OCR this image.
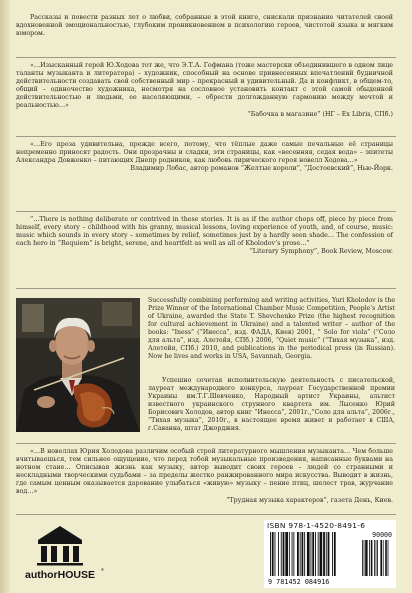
Рассказы и повести разных лет о любви, собранные в этой книге, снискали признание читателей своей вдохновенной эмоциональностью, глубоким проникновением в психологию героев, чистотой языка и мягким юмором.

«…Изысканный герой Ю.Ходова тот же, что Э.Т.А. Гофмана (тоже мастерски объединившего в одном лице таланты музыканта и литератора) – художник, способный на основе привнесенных впечатлений будничной действительности создавать свой собственный мир – прекрасный и удивительный. Да и конфликт, в общем-то, общий – одиночество художника, несмотря на сословное установить контакт с этой самой обыденной действительностью и людьми, ее населяющими, – обрести долгожданную гармонию между мечтой и реальностью…»

“Бабочка в магазине” (НГ – Ex Libris, СПб.)

«…Его проза удивительна, прежде всего, потому, что тёплые даже самые печальные её страницы непременно приносят радость. Они прозрачны и сладки, эти страницы, как «весенняя, седая вода» – эпитеты Александра Довженко – питающих Днепр родников, как любовь лирического героя новелл Ходова…»

Владимир Лобас, автор романов “Желтые короли”, “Достоевский”, Нью-Йорк.

“…There is nothing deliberate or contrived in these stories. It is as if the author chops off, piece by piece from himself, every story – childhood with his granny, musical lessons, loving experience of youth, and, of course, music: music which sounds in every story – sometimes by relief, sometimes just by a hardly seen shade… The confession of each hero in “Requiem” is bright, serene, and heartfelt as well as all of Kholodov’s prose…”

“Literary Symphony”, Book Review, Moscow.

Successfully combining performing and writing activities, Yuri Kholodov is the Prize Winner of the International Chamber Music Competition, People’s Artist of Ukraine, awarded the State T. Shevchenko Prize (the highest recognition for cultural achievement in Ukraine) and a talented writer – author of the books: “Iness” (“Инесса”, изд. ФАДА, Киев) 2001, “ Solo for viola” (“Соло для альта”, изд. Алетейя, СПб.) 2006, “Quiet music” (“Тихая музыка”, изд. Алетейя, СПб.) 2010, and publications in the periodical press (in Russian). Now he lives and works in USA, Savannah, Georgia.
Успешно сочетая исполнительскую деятельность с писательской, лауреат международного конкурса, лауреат Государственной премии Украины им.Т.Г.Шевченко, Народный артист Украины, альтист известного украинского струнного квартета им. Лысенко Юрий Борисович Холодов, автор книг “Инесса”, 2001г.,“Соло для альта”, 2006г., “Тихая музыка”, 2010г., в настоящее время живет и работает в США, г.Саванна, штат Джорджия.

«…В новеллах Юрия Холодова различим особый строй литературного мышления музыканта… Чем больше вчитываешься, тем сильнее ощущение, что перед тобой музыкальные произведения, написанные буквами на нотном стане… Описывая жизнь как музыку, автор выводит своих героев – людей со странными и нескладными творческими судьбами – за пределы жестко ранжированного мира искусства. Выводит в жизнь, где самым ценным оказывается дарование улыбаться «живую» музыку – пение птиц, шелест трав, журчание вод…»

“Трудная музыка характеров”, газета День, Киев.

authorHOUSE ®
ISBN 978-1-4520-8491-6
90000
9 781452 084916
